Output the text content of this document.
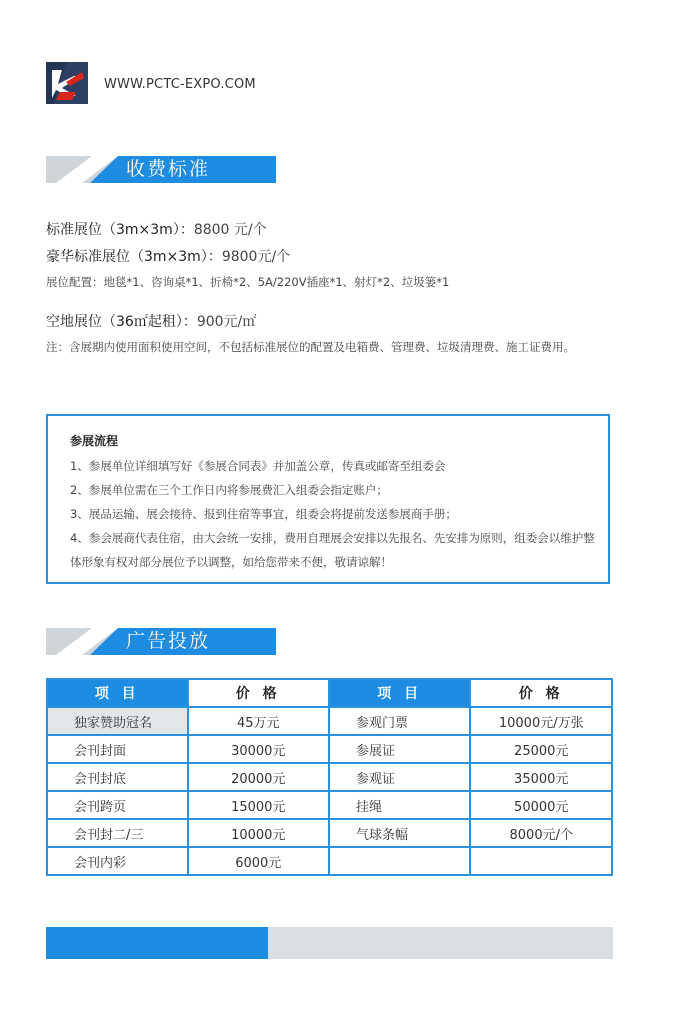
WWW.PCTC-EXPO.COM
收费标准
标准展位（3m×3m）：8800 元/个
豪华标准展位（3m×3m）：9800元/个
展位配置：地毯*1、咨询桌*1、折椅*2、5A/220V插座*1、射灯*2、垃圾篓*1
空地展位（36㎡起租）：900元/㎡
注：含展期内使用面积使用空间，不包括标准展位的配置及电箱费、管理费、垃圾清理费、施工证费用。
参展流程
1、参展单位详细填写好《参展合同表》并加盖公章，传真或邮寄至组委会
2、参展单位需在三个工作日内将参展费汇入组委会指定账户；
3、展品运输、展会接待、报到住宿等事宜，组委会将提前发送参展商手册；
4、参会展商代表住宿，由大会统一安排，费用自理展会安排以先报名、先安排为原则，组委会以维护整体形象有权对部分展位予以调整，如给您带来不便，敬请谅解！
广告投放
项 目	价 格	项 目	价 格
独家赞助冠名	45万元	参观门票	10000元/万张
会刊封面	30000元	参展证	25000元
会刊封底	20000元	参观证	35000元
会刊跨页	15000元	挂绳	50000元
会刊封二/三	10000元	气球条幅	8000元/个
会刊内彩	6000元		
